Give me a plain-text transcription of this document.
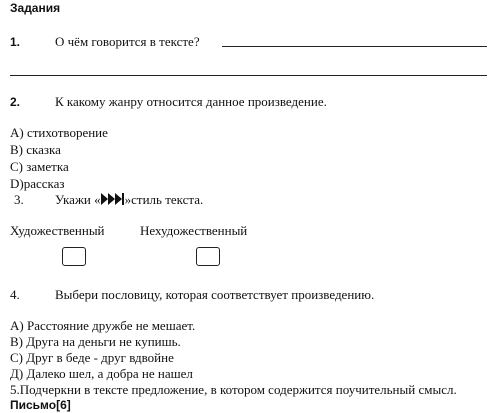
Задания
1.	О чём говорится в тексте?
2.	К какому жанру относится данное произведение.
А) стихотворение
В) сказка
С) заметка
D)рассказ
3. Укажи « »стиль текста.
Художественный	Нехудожественный
4.	Выбери пословицу, которая соответствует произведению.
А) Расстояние дружбе не мешает.
В) Друга на деньги не купишь.
С) Друг в беде - друг вдвойне
Д) Далеко шел, а добра не нашел
5.Подчеркни в тексте предложение, в котором содержится поучительный смысл.
Письмо[6]
